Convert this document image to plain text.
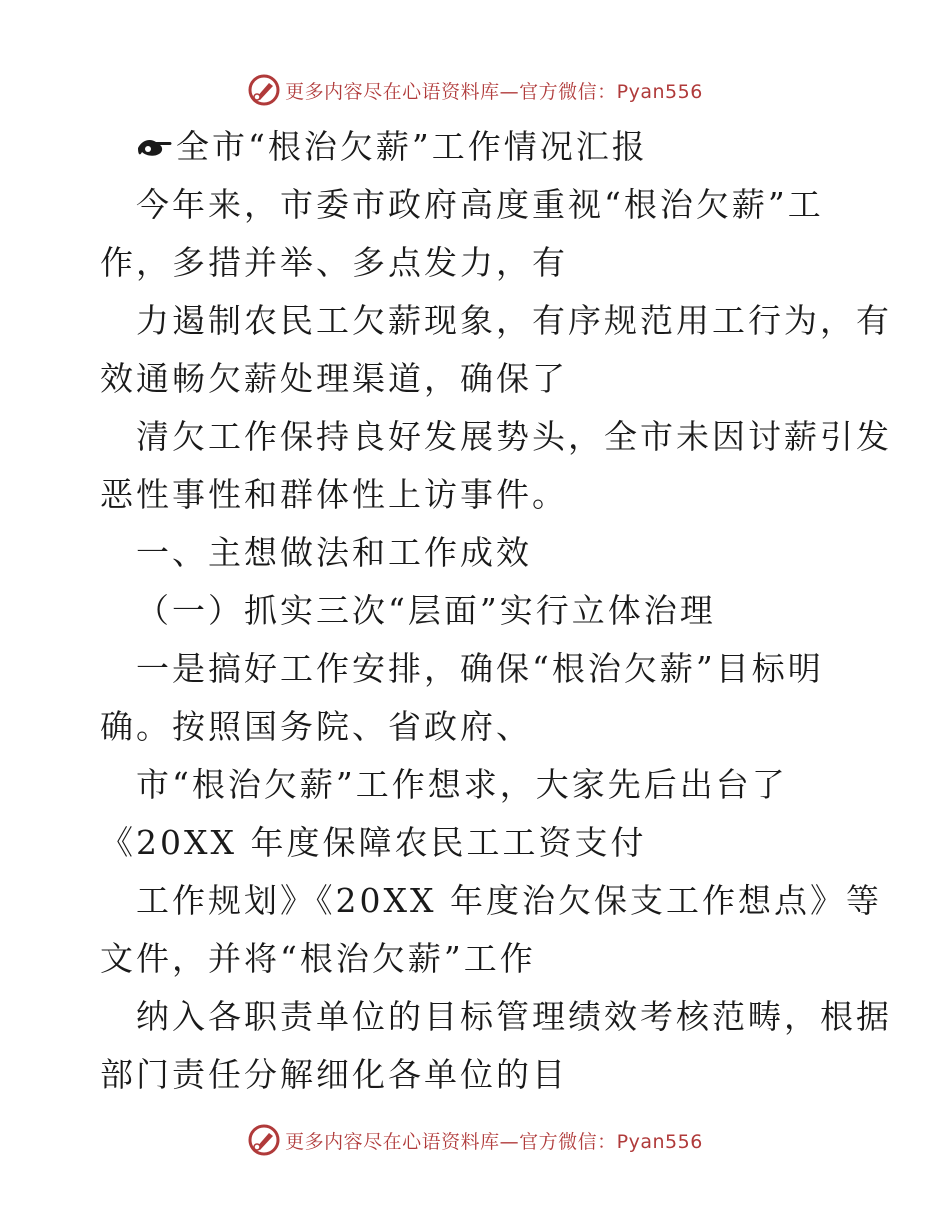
更多内容尽在心语资料库—官方微信：Pyan556
全市“根治欠薪”工作情况汇报
今年来，市委市政府高度重视“根治欠薪”工
作，多措并举、多点发力，有
力遏制农民工欠薪现象，有序规范用工行为，有
效通畅欠薪处理渠道，确保了
清欠工作保持良好发展势头，全市未因讨薪引发
恶性事性和群体性上访事件。
一、主想做法和工作成效
（一）抓实三次“层面”实行立体治理
一是搞好工作安排，确保“根治欠薪”目标明
确。按照国务院、省政府、
市“根治欠薪”工作想求，大家先后出台了
《20XX 年度保障农民工工资支付
工作规划》《20XX 年度治欠保支工作想点》等
文件，并将“根治欠薪”工作
纳入各职责单位的目标管理绩效考核范畴，根据
部门责任分解细化各单位的目
更多内容尽在心语资料库—官方微信：Pyan556
